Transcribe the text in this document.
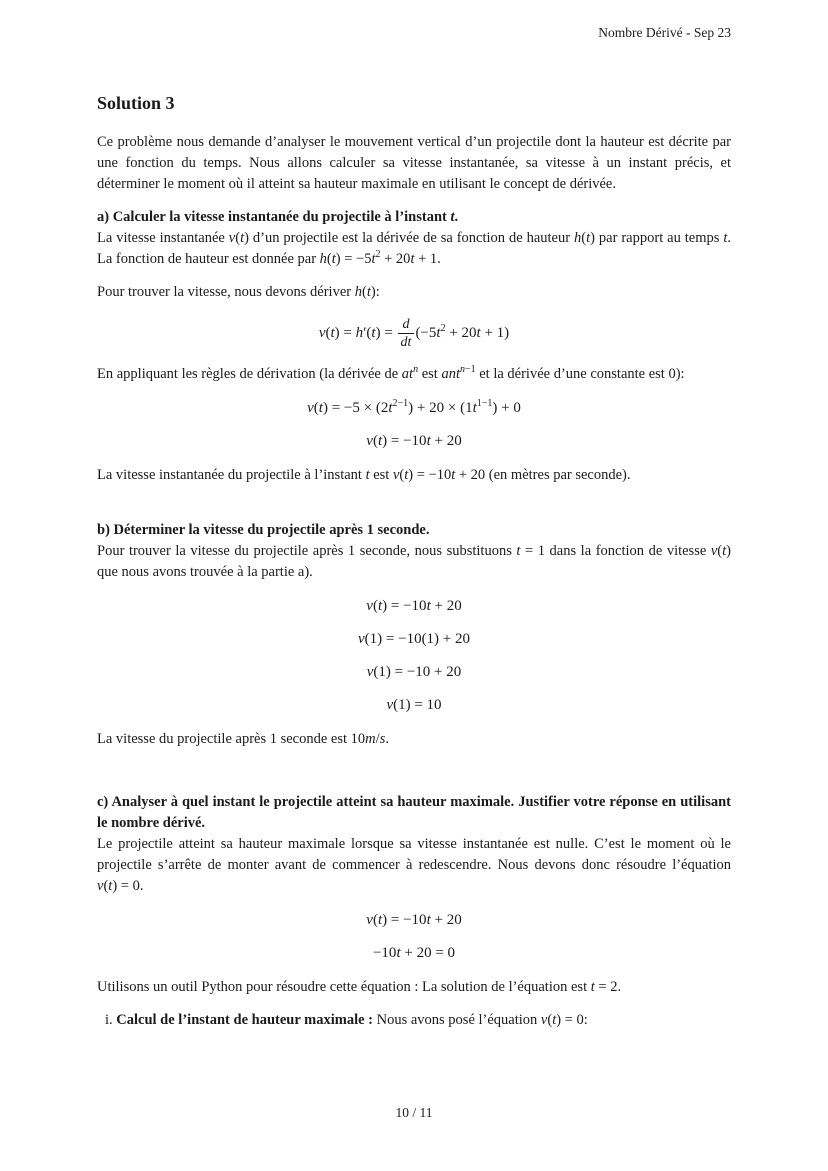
Nombre Dérivé - Sep 23
Solution 3

Ce problème nous demande d’analyser le mouvement vertical d’un projectile dont la hauteur est décrite par une fonction du temps. Nous allons calculer sa vitesse instantanée, sa vitesse à un instant précis, et déterminer le moment où il atteint sa hauteur maximale en utilisant le concept de dérivée.

a) Calculer la vitesse instantanée du projectile à l’instant t.

La vitesse instantanée v(t) d’un projectile est la dérivée de sa fonction de hauteur h(t) par rapport au temps t. La fonction de hauteur est donnée par $h(t) = -5t^2 + 20t + 1$.

Pour trouver la vitesse, nous devons dériver h(t):

$v(t) = h'(t) = \frac{d}{dt} (-5t^2 + 20t + 1)$

En appliquant les règles de dérivation (la dérivée de $at^n$ est ant$^{n-1}$ et la dérivée d’une constante est 0):

$v(t) = -5 \times (2t^{2-1}) + 20 \times (1t^{1-1}) + 0$
v(t) = −10t + 20

La vitesse instantanée du projectile à l’instant t est v(t) = −10t + 20 (en mètres par seconde).

b) Déterminer la vitesse du projectile après 1 seconde.

Pour trouver la vitesse du projectile après 1 seconde, nous substituons t = 1 dans la fonction de vitesse v(t) que nous avons trouvée à la partie a).

v(t) = −10t + 20
v(1) = −10(1) + 20
v(1) = −10 + 20
v(1) = 10

La vitesse du projectile après 1 seconde est 10m/s.

c) Analyser à quel instant le projectile atteint sa hauteur maximale. Justifier votre réponse en utilisant le nombre dérivé.

Le projectile atteint sa hauteur maximale lorsque sa vitesse instantanée est nulle. C’est le moment où le projectile s’arrête de monter avant de commencer à redescendre. Nous devons donc résoudre l’équation v(t) = 0.

v(t) = −10t + 20
−10t + 20 = 0

Utilisons un outil Python pour résoudre cette équation : La solution de l’équation est t = 2.

i. Calcul de l’instant de hauteur maximale : Nous avons posé l’équation v(t) = 0:

10 / 11
